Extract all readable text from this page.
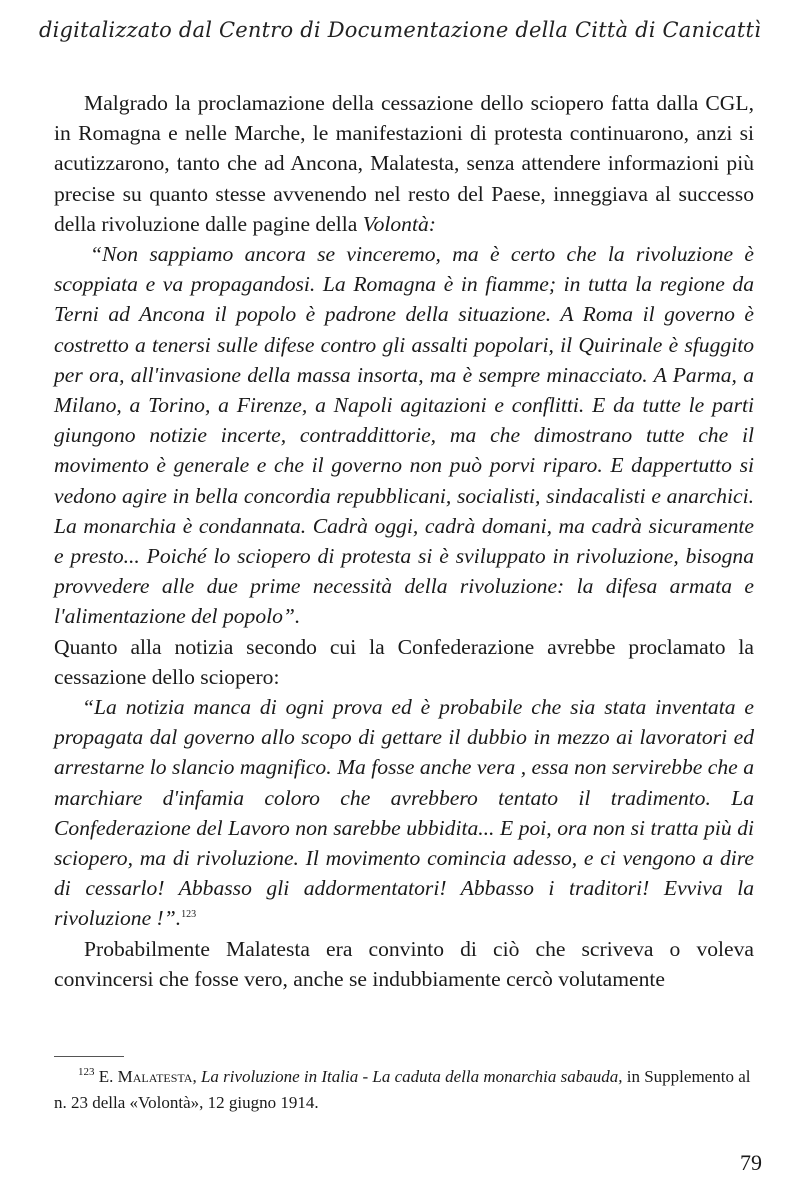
digitalizzato dal Centro di Documentazione della Città di Canicattì

Malgrado la proclamazione della cessazione dello sciopero fatta dalla CGL, in Romagna e nelle Marche, le manifestazioni di protesta continuarono, anzi si acutizzarono, tanto che ad Ancona, Malatesta, senza attendere informazioni più precise su quanto stesse avvenendo nel resto del Paese, inneggiava al successo della rivoluzione dalle pagine della Volontà:

“Non sappiamo ancora se vinceremo, ma è certo che la rivoluzione è scoppiata e va propagandosi. La Romagna è in fiamme; in tutta la regione da Terni ad Ancona il popolo è padrone della situazione. A Roma il governo è costretto a tenersi sulle difese contro gli assalti popolari, il Quirinale è sfuggito per ora, all'invasione della massa insorta, ma è sempre minacciato. A Parma, a Milano, a Torino, a Firenze, a Napoli agitazioni e conflitti. E da tutte le parti giungono notizie incerte, contraddittorie, ma che dimostrano tutte che il movimento è generale e che il governo non può porvi riparo. E dappertutto si vedono agire in bella concordia repubblicani, socialisti, sindacalisti e anarchici. La monarchia è condannata. Cadrà oggi, cadrà domani, ma cadrà sicuramente e presto... Poiché lo sciopero di protesta si è sviluppato in rivoluzione, bisogna provvedere alle due prime necessità della rivoluzione: la difesa armata e l'alimentazione del popolo”.

Quanto alla notizia secondo cui la Confederazione avrebbe proclamato la cessazione dello sciopero:

“La notizia manca di ogni prova ed è probabile che sia stata inventata e propagata dal governo allo scopo di gettare il dubbio in mezzo ai lavoratori ed arrestarne lo slancio magnifico. Ma fosse anche vera , essa non servirebbe che a marchiare d'infamia coloro che avrebbero tentato il tradimento. La Confederazione del Lavoro non sarebbe ubbidita... E poi, ora non si tratta più di sciopero, ma di rivoluzione. Il movimento comincia adesso, e ci vengono a dire di cessarlo! Abbasso gli addormentatori! Abbasso i traditori! Evviva la rivoluzione !”.$^{123}$

Probabilmente Malatesta era convinto di ciò che scriveva o voleva convincersi che fosse vero, anche se indubbiamente cercò volutamente

$^{123}$ E. Malatesta, La rivoluzione in Italia - La caduta della monarchia sabauda, in Supplemento al n. 23 della «Volontà», 12 giugno 1914.
79
